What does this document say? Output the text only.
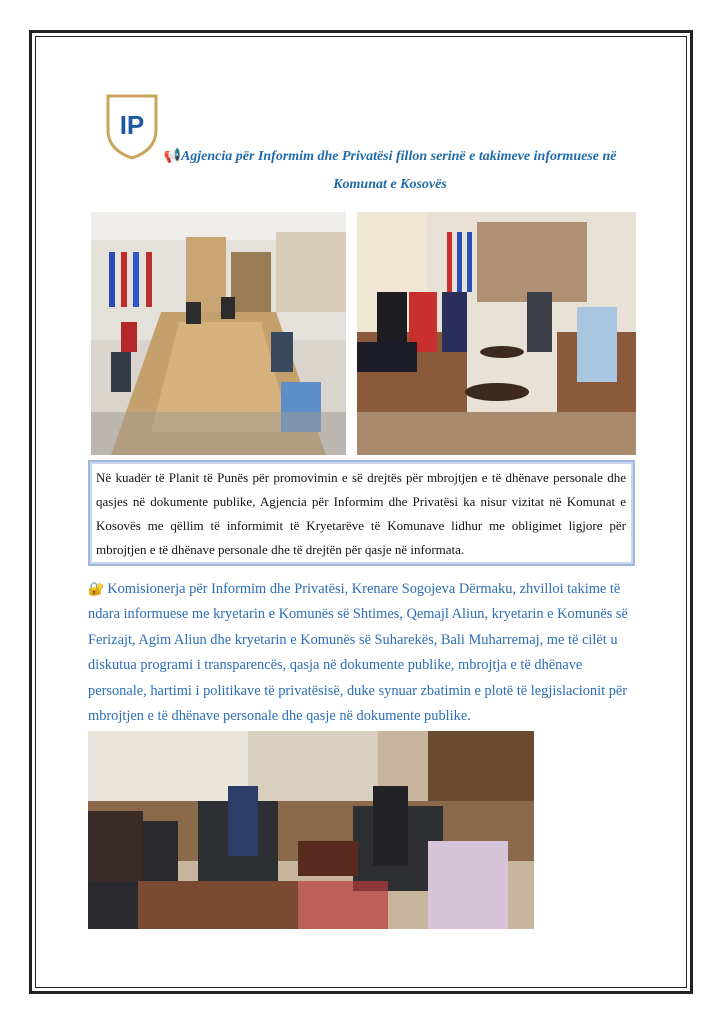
IP

📢Agjencia për Informim dhe Privatësi fillon serinë e takimeve informuese në Komunat e Kosovës

Në kuadër të Planit të Punës për promovimin e së drejtës për mbrojtjen e të dhënave personale dhe qasjes në dokumente publike, Agjencia për Informim dhe Privatësi ka nisur vizitat në Komunat e Kosovës me qëllim të informimit të Kryetarëve të Komunave lidhur me obligimet ligjore për mbrojtjen e të dhënave personale dhe të drejtën për qasje në informata.

🔐 Komisionerja për Informim dhe Privatësi, Krenare Sogojeva Dërmaku, zhvilloi takime të ndara informuese me kryetarin e Komunës së Shtimes, Qemajl Aliun, kryetarin e Komunës së Ferizajt, Agim Aliun dhe kryetarin e Komunës së Suharekës, Bali Muharremaj, me të cilët u diskutua programi i transparencës, qasja në dokumente publike, mbrojtja e të dhënave personale, hartimi i politikave të privatësisë, duke synuar zbatimin e plotë të legjislacionit për mbrojtjen e të dhënave personale dhe qasje në dokumente publike.
